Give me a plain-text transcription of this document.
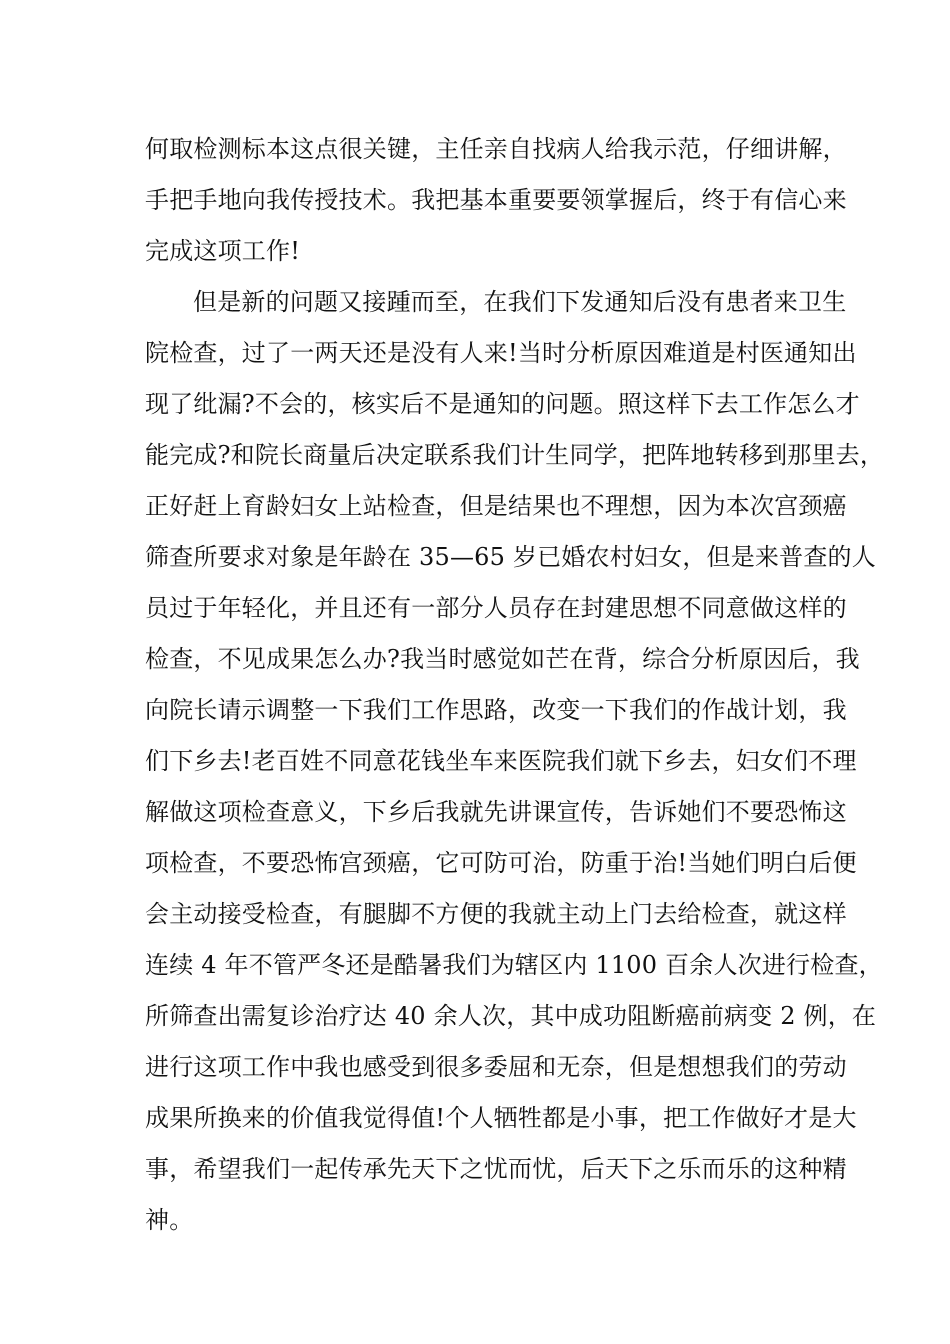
何取检测标本这点很关键，主任亲自找病人给我示范，仔细讲解，
手把手地向我传授技术。我把基本重要要领掌握后，终于有信心来
完成这项工作!
但是新的问题又接踵而至，在我们下发通知后没有患者来卫生
院检查，过了一两天还是没有人来!当时分析原因难道是村医通知出
现了纰漏?不会的，核实后不是通知的问题。照这样下去工作怎么才
能完成?和院长商量后决定联系我们计生同学，把阵地转移到那里去，
正好赶上育龄妇女上站检查，但是结果也不理想，因为本次宫颈癌
筛查所要求对象是年龄在 35—65 岁已婚农村妇女，但是来普查的人
员过于年轻化，并且还有一部分人员存在封建思想不同意做这样的
检查，不见成果怎么办?我当时感觉如芒在背，综合分析原因后，我
向院长请示调整一下我们工作思路，改变一下我们的作战计划，我
们下乡去!老百姓不同意花钱坐车来医院我们就下乡去，妇女们不理
解做这项检查意义，下乡后我就先讲课宣传，告诉她们不要恐怖这
项检查，不要恐怖宫颈癌，它可防可治，防重于治!当她们明白后便
会主动接受检查，有腿脚不方便的我就主动上门去给检查，就这样
连续 4 年不管严冬还是酷暑我们为辖区内 1100 百余人次进行检查，
所筛查出需复诊治疗达 40 余人次，其中成功阻断癌前病变 2 例，在
进行这项工作中我也感受到很多委屈和无奈，但是想想我们的劳动
成果所换来的价值我觉得值!个人牺牲都是小事，把工作做好才是大
事，希望我们一起传承先天下之忧而忧，后天下之乐而乐的这种精
神。
